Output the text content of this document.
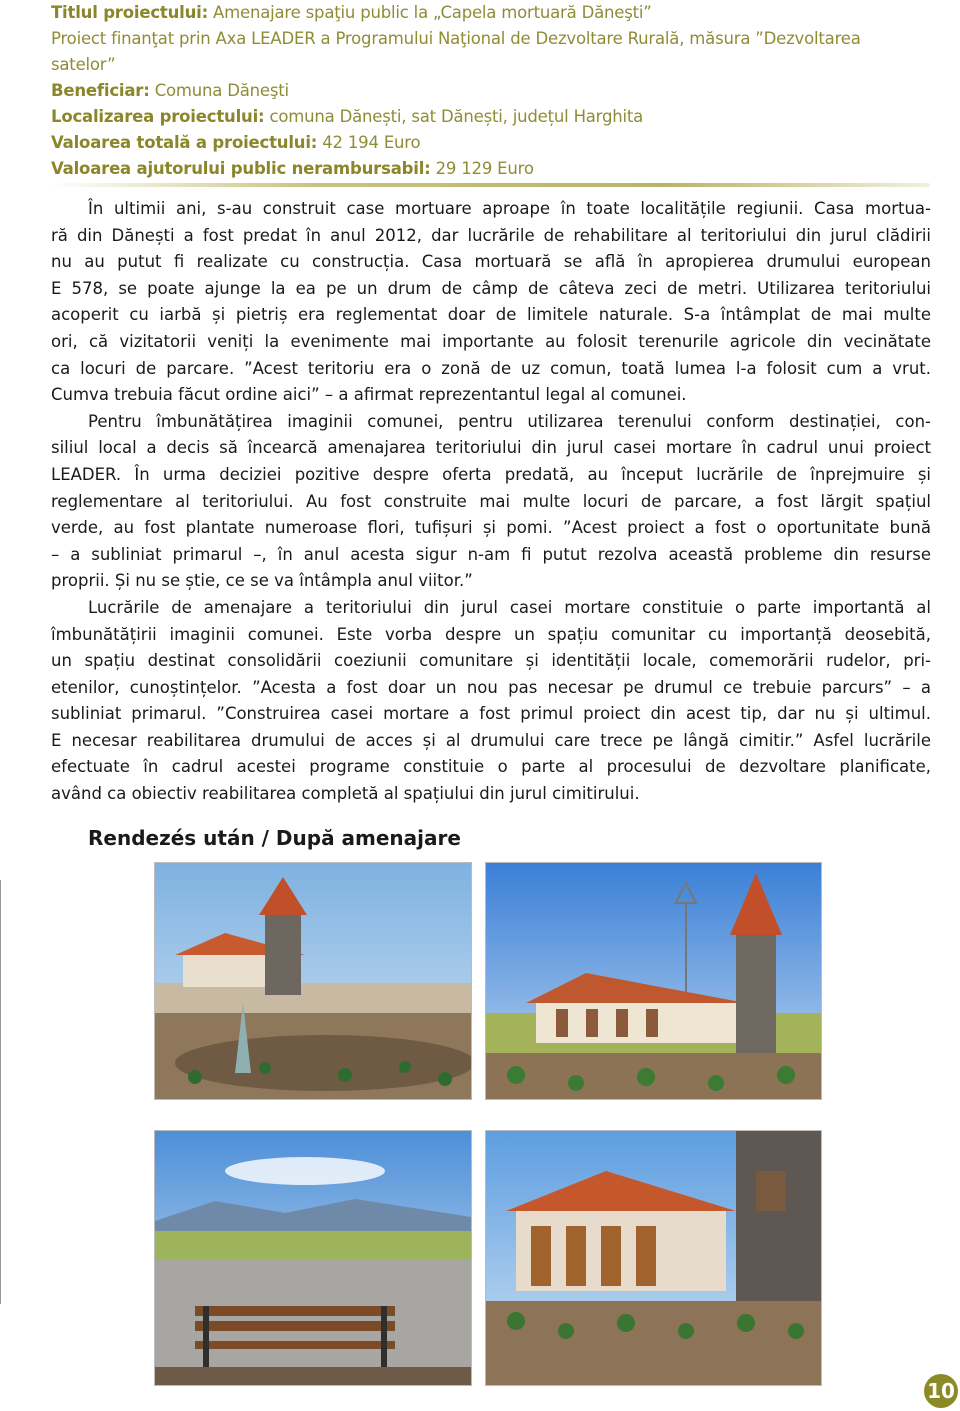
Titlul proiectului: Amenajare spaţiu public la „Capela mortuară Dăneşti”
Proiect finanţat prin Axa LEADER a Programului Naţional de Dezvoltare Rurală, măsura ”Dezvoltarea
satelor”
Beneficiar: Comuna Dăneşti
Localizarea proiectului: comuna Dănești, sat Dănești, județul Harghita
Valoarea totală a proiectului: 42 194 Euro
Valoarea ajutorului public nerambursabil: 29 129 Euro
În ultimii ani, s-au construit case mortuare aproape în toate localitățile regiunii. Casa mortua-
ră din Dănești a fost predat în anul 2012, dar lucrările de rehabilitare al teritoriului din jurul clădirii
nu au putut fi realizate cu construcția. Casa mortuară se află în apropierea drumului european
E 578, se poate ajunge la ea pe un drum de câmp de câteva zeci de metri. Utilizarea teritoriului
acoperit cu iarbă și pietriș era reglementat doar de limitele naturale. S-a întâmplat de mai multe
ori, că vizitatorii veniți la evenimente mai importante au folosit terenurile agricole din vecinătate
ca locuri de parcare. ”Acest teritoriu era o zonă de uz comun, toată lumea l-a folosit cum a vrut.
Cumva trebuia făcut ordine aici” – a afirmat reprezentantul legal al comunei.
Pentru îmbunătățirea imaginii comunei, pentru utilizarea terenului conform destinației, con-
siliul local a decis să încearcă amenajarea teritoriului din jurul casei mortare în cadrul unui proiect
LEADER. În urma deciziei pozitive despre oferta predată, au început lucrările de înprejmuire și
reglementare al teritoriului. Au fost construite mai multe locuri de parcare, a fost lărgit spațiul
verde, au fost plantate numeroase flori, tufișuri și pomi. ”Acest proiect a fost o oportunitate bună
– a subliniat primarul –, în anul acesta sigur n-am fi putut rezolva această probleme din resurse
proprii. Și nu se știe, ce se va întâmpla anul viitor.”
Lucrările de amenajare a teritoriului din jurul casei mortare constituie o parte importantă al
îmbunătățirii imaginii comunei. Este vorba despre un spațiu comunitar cu importanță deosebită,
un spațiu destinat consolidării coeziunii comunitare și identității locale, comemorării rudelor, pri-
etenilor, cunoștințelor. ”Acesta a fost doar un nou pas necesar pe drumul ce trebuie parcurs” – a
subliniat primarul. ”Construirea casei mortare a fost primul proiect din acest tip, dar nu și ultimul.
E necesar reabilitarea drumului de acces și al drumului care trece pe lângă cimitir.” Asfel lucrările
efectuate în cadrul acestei programe constituie o parte al procesului de dezvoltare planificate,
având ca obiectiv reabilitarea completă al spațiului din jurul cimitirului.
Rendezés után / După amenajare
10
